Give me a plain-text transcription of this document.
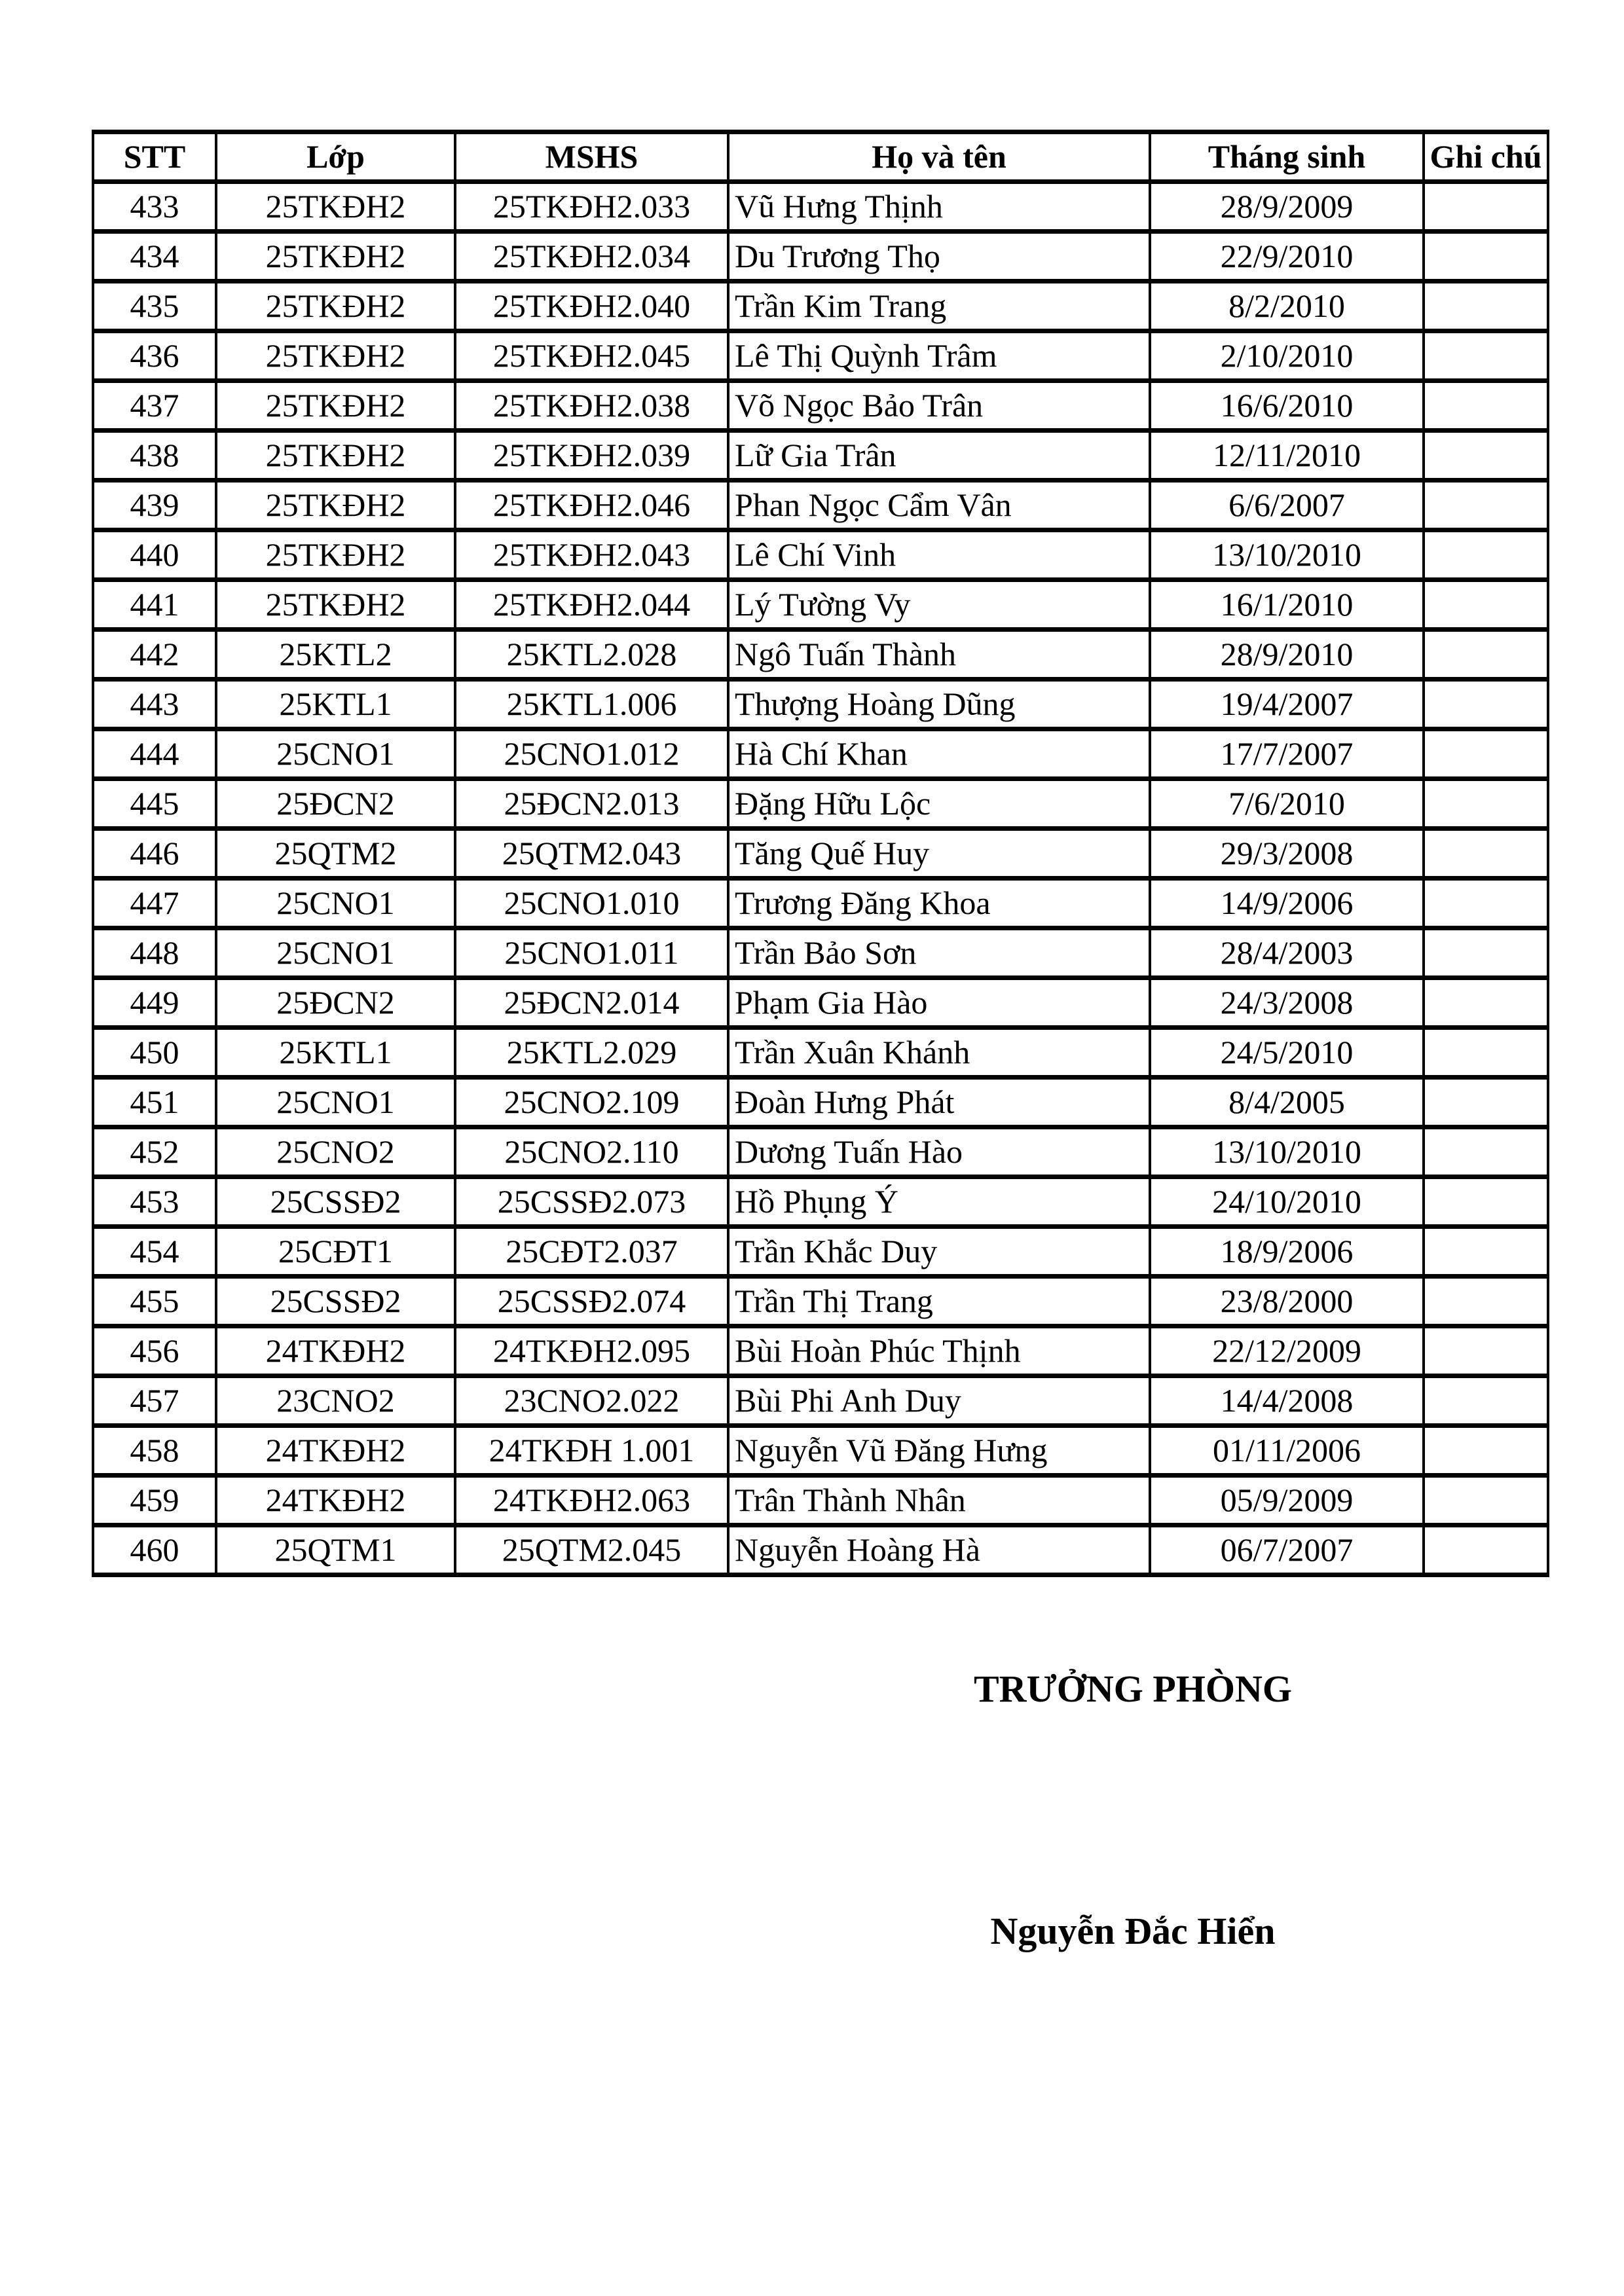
STT	Lớp	MSHS	Họ và tên	Tháng sinh	Ghi chú
433	25TKĐH2	25TKĐH2.033	Vũ Hưng Thịnh	28/9/2009	
434	25TKĐH2	25TKĐH2.034	Du Trương Thọ	22/9/2010	
435	25TKĐH2	25TKĐH2.040	Trần Kim Trang	8/2/2010	
436	25TKĐH2	25TKĐH2.045	Lê Thị Quỳnh Trâm	2/10/2010	
437	25TKĐH2	25TKĐH2.038	Võ Ngọc Bảo Trân	16/6/2010	
438	25TKĐH2	25TKĐH2.039	Lữ Gia Trân	12/11/2010	
439	25TKĐH2	25TKĐH2.046	Phan Ngọc Cẩm Vân	6/6/2007	
440	25TKĐH2	25TKĐH2.043	Lê Chí Vinh	13/10/2010	
441	25TKĐH2	25TKĐH2.044	Lý Tường Vy	16/1/2010	
442	25KTL2	25KTL2.028	Ngô Tuấn Thành	28/9/2010	
443	25KTL1	25KTL1.006	Thượng Hoàng Dũng	19/4/2007	
444	25CNO1	25CNO1.012	Hà Chí Khan	17/7/2007	
445	25ĐCN2	25ĐCN2.013	Đặng Hữu Lộc	7/6/2010	
446	25QTM2	25QTM2.043	Tăng Quế Huy	29/3/2008	
447	25CNO1	25CNO1.010	Trương Đăng Khoa	14/9/2006	
448	25CNO1	25CNO1.011	Trần Bảo Sơn	28/4/2003	
449	25ĐCN2	25ĐCN2.014	Phạm Gia Hào	24/3/2008	
450	25KTL1	25KTL2.029	Trần Xuân Khánh	24/5/2010	
451	25CNO1	25CNO2.109	Đoàn Hưng Phát	8/4/2005	
452	25CNO2	25CNO2.110	Dương Tuấn Hào	13/10/2010	
453	25CSSĐ2	25CSSĐ2.073	Hồ Phụng Ý	24/10/2010	
454	25CĐT1	25CĐT2.037	Trần Khắc Duy	18/9/2006	
455	25CSSĐ2	25CSSĐ2.074	Trần Thị Trang	23/8/2000	
456	24TKĐH2	24TKĐH2.095	Bùi Hoàn Phúc Thịnh	22/12/2009	
457	23CNO2	23CNO2.022	Bùi Phi Anh Duy	14/4/2008	
458	24TKĐH2	24TKĐH 1.001	Nguyễn Vũ Đăng Hưng	01/11/2006	
459	24TKĐH2	24TKĐH2.063	Trân Thành Nhân	05/9/2009	
460	25QTM1	25QTM2.045	Nguyễn Hoàng Hà	06/7/2007	
TRƯỞNG PHÒNG
Nguyễn Đắc Hiển
